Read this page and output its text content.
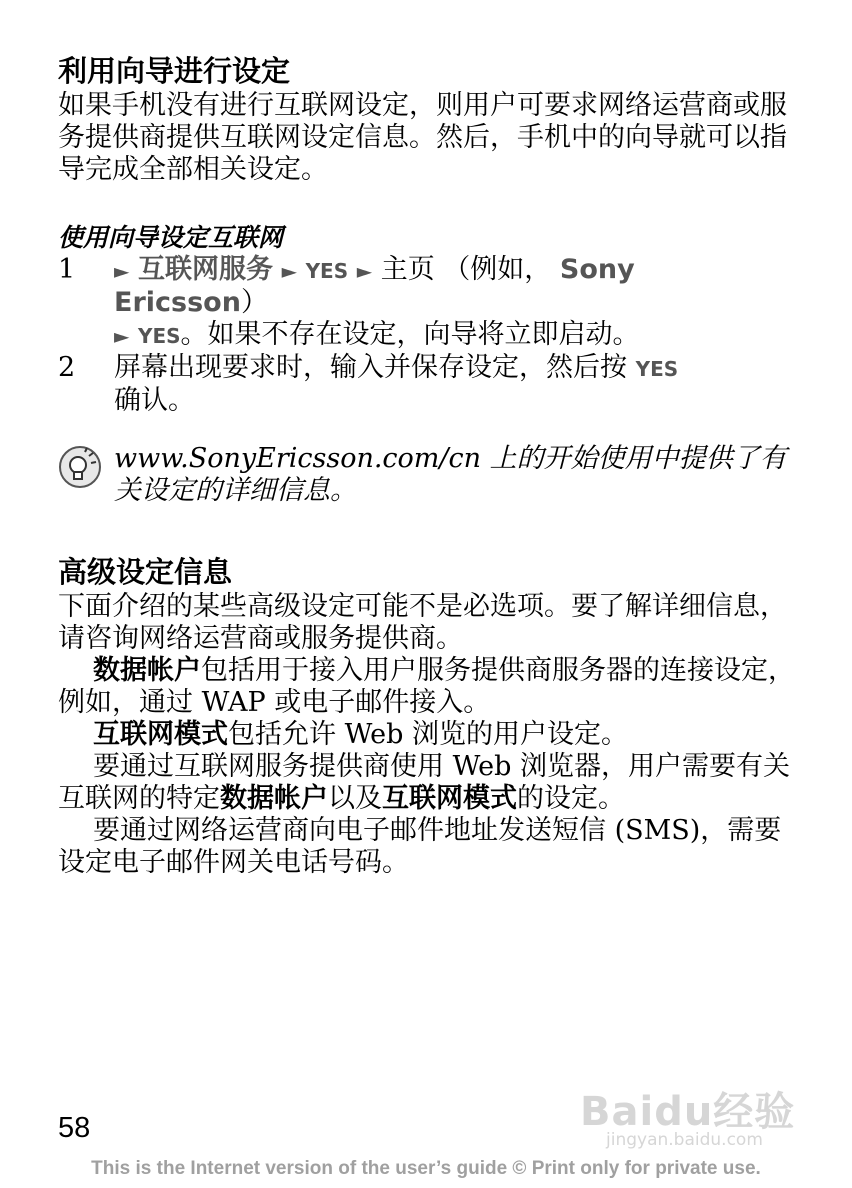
利用向导进行设定

如果手机没有进行互联网设定，则用户可要求网络运营商或服务提供商提供互联网设定信息。然后，手机中的向导就可以指导完成全部相关设定。

使用向导设定互联网
1	► 互联网服务 ► YES ► 主页 （例如， Sony Ericsson）
► YES。如果不存在设定，向导将立即启动。
2	屏幕出现要求时，输入并保存设定，然后按 YES
确认。
www.SonyEricsson.com/cn 上的开始使用中提供了有关设定的详细信息。
高级设定信息

下面介绍的某些高级设定可能不是必选项。要了解详细信息，请咨询网络运营商或服务提供商。

数据帐户包括用于接入用户服务提供商服务器的连接设定，例如，通过 WAP 或电子邮件接入。

互联网模式包括允许 Web 浏览的用户设定。

要通过互联网服务提供商使用 Web 浏览器，用户需要有关互联网的特定数据帐户以及互联网模式的设定。

要通过网络运营商向电子邮件地址发送短信 (SMS)，需要设定电子邮件网关电话号码。

Baidu经验
jingyan.baidu.com
58
This is the Internet version of the user’s guide © Print only for private use.
